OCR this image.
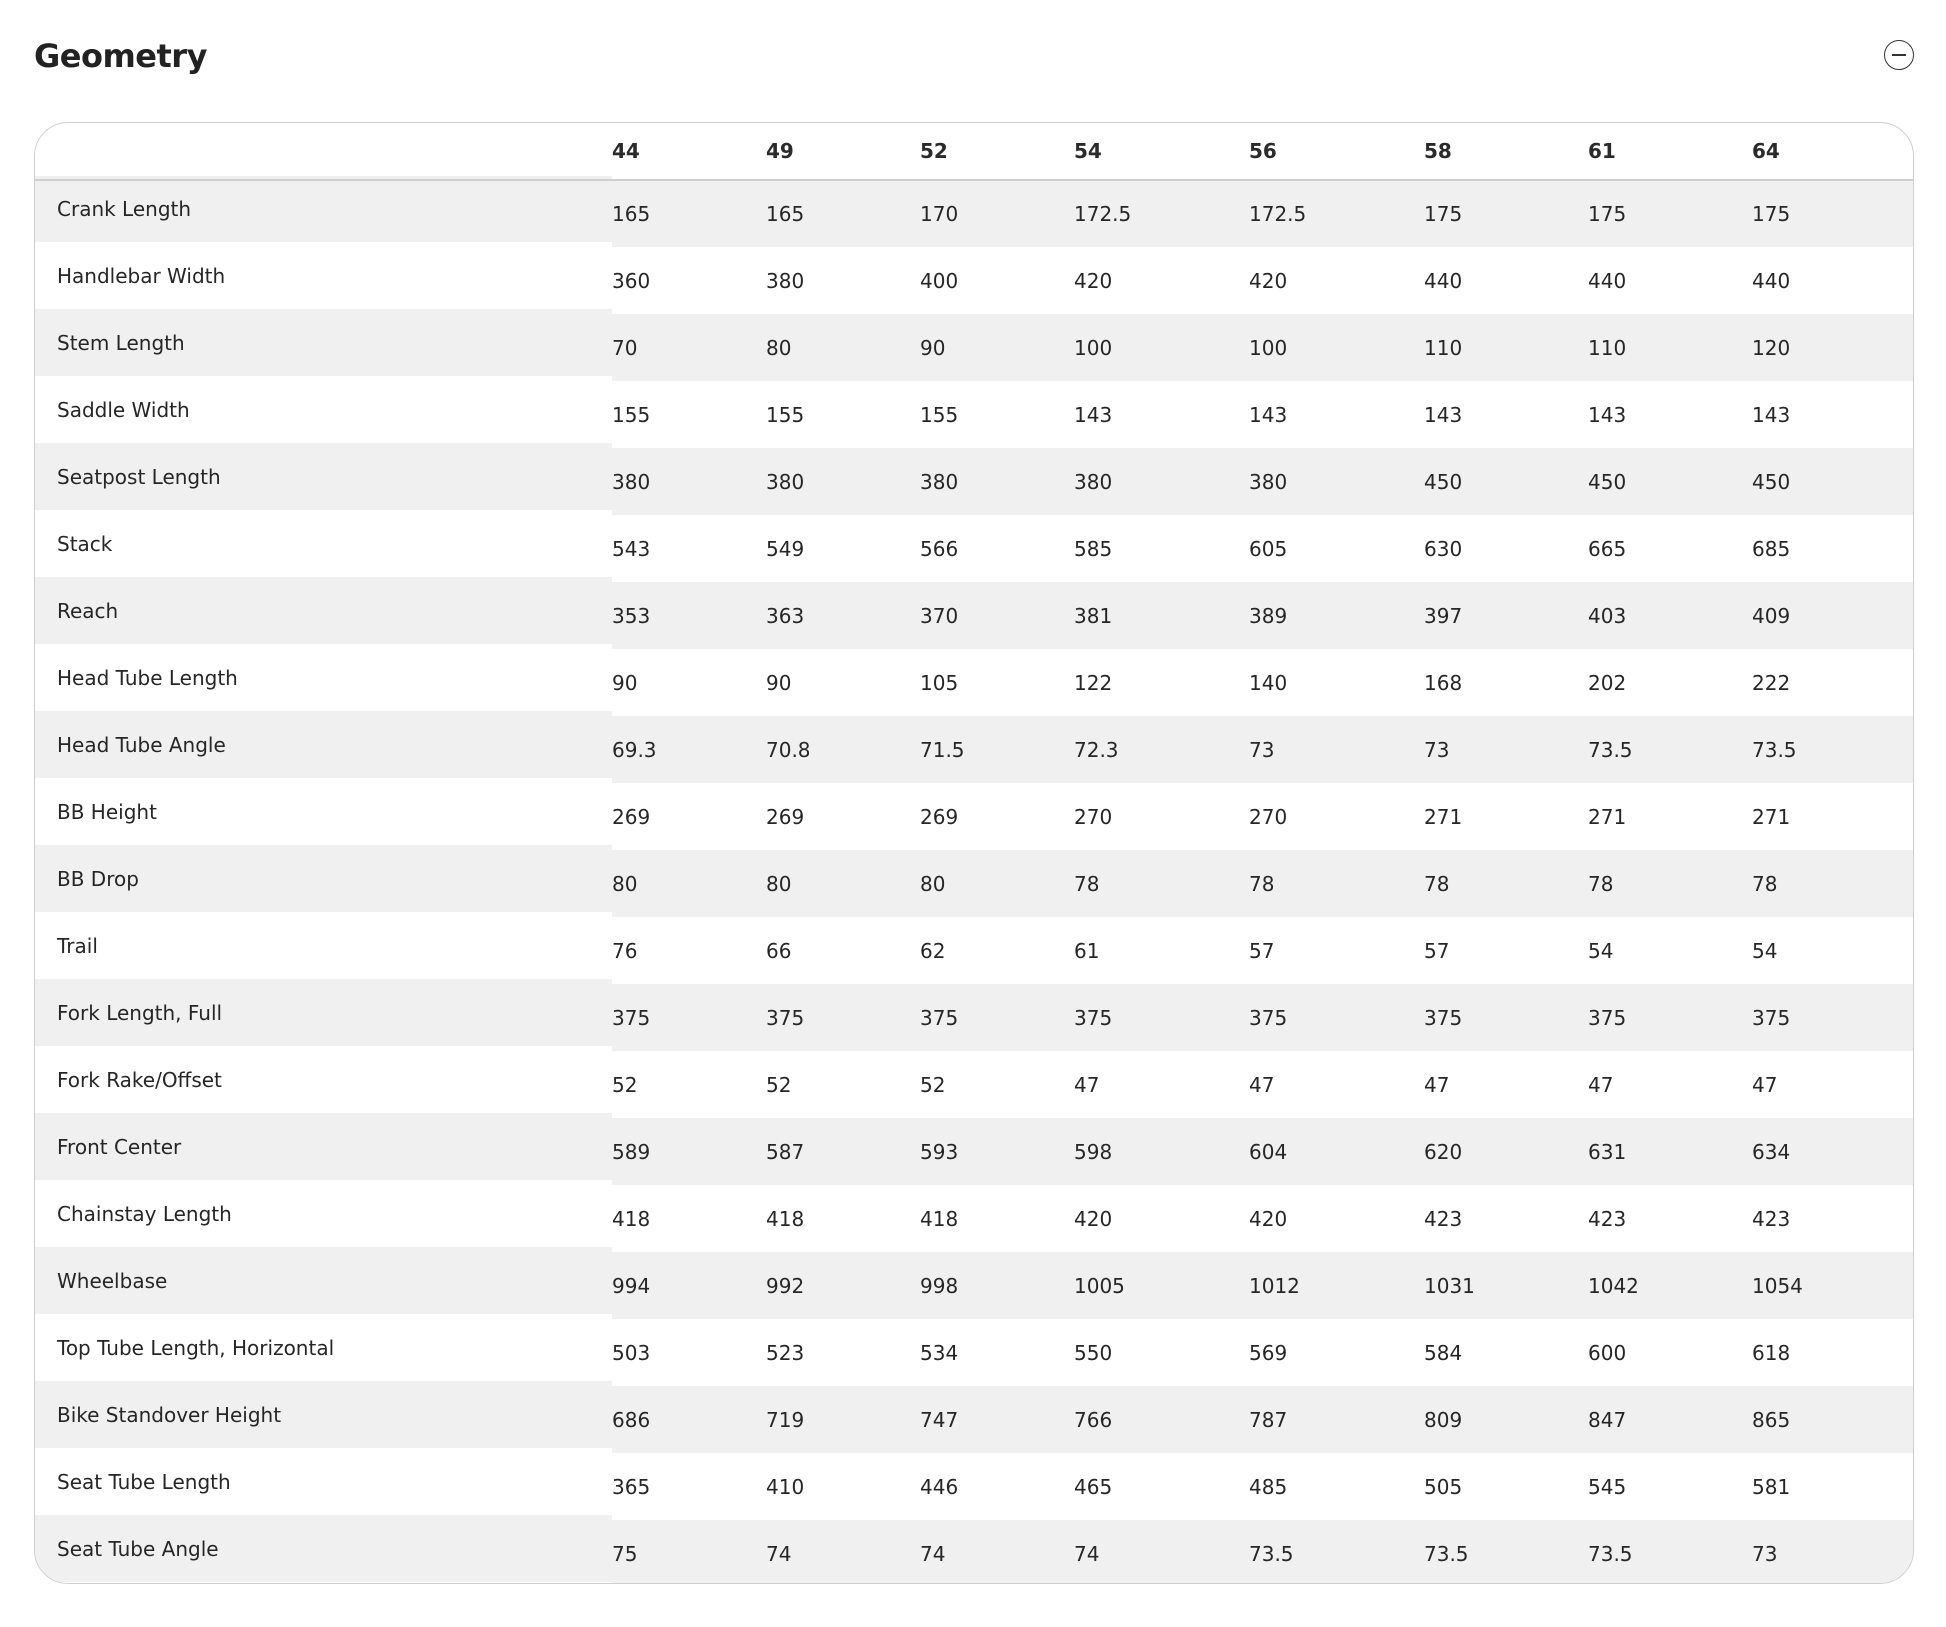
Geometry
	44	49	52	54	56	58	61	64
Crank Length	165	165	170	172.5	172.5	175	175	175
Handlebar Width	360	380	400	420	420	440	440	440
Stem Length	70	80	90	100	100	110	110	120
Saddle Width	155	155	155	143	143	143	143	143
Seatpost Length	380	380	380	380	380	450	450	450
Stack	543	549	566	585	605	630	665	685
Reach	353	363	370	381	389	397	403	409
Head Tube Length	90	90	105	122	140	168	202	222
Head Tube Angle	69.3	70.8	71.5	72.3	73	73	73.5	73.5
BB Height	269	269	269	270	270	271	271	271
BB Drop	80	80	80	78	78	78	78	78
Trail	76	66	62	61	57	57	54	54
Fork Length, Full	375	375	375	375	375	375	375	375
Fork Rake/Offset	52	52	52	47	47	47	47	47
Front Center	589	587	593	598	604	620	631	634
Chainstay Length	418	418	418	420	420	423	423	423
Wheelbase	994	992	998	1005	1012	1031	1042	1054
Top Tube Length, Horizontal	503	523	534	550	569	584	600	618
Bike Standover Height	686	719	747	766	787	809	847	865
Seat Tube Length	365	410	446	465	485	505	545	581
Seat Tube Angle	75	74	74	74	73.5	73.5	73.5	73
